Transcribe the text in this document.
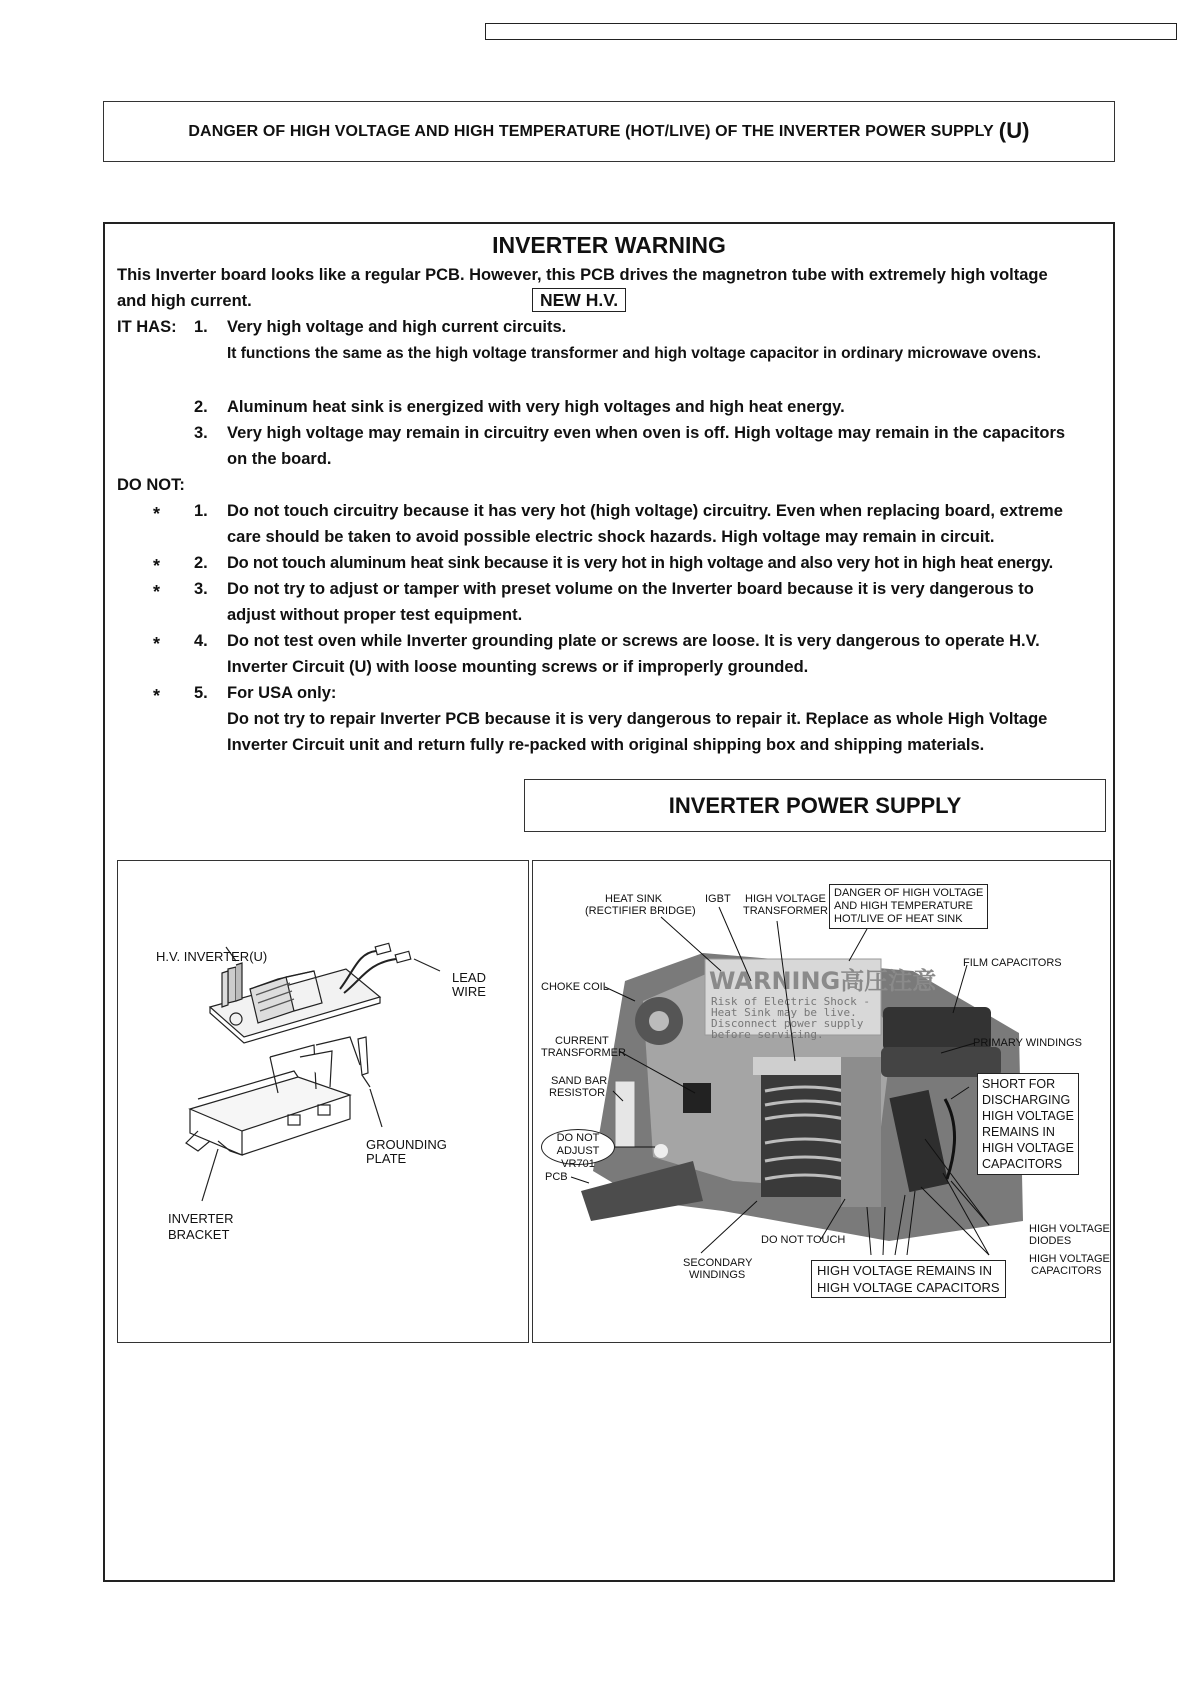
DANGER OF HIGH VOLTAGE AND HIGH TEMPERATURE (HOT/LIVE) OF THE INVERTER POWER SUPPLY (U)
INVERTER WARNING
This Inverter board looks like a regular PCB. However, this PCB drives the magnetron tube with extremely high voltage
and high current.	NEW H.V.
IT HAS: 1. Very high voltage and high current circuits.
It functions the same as the high voltage transformer and high voltage capacitor in ordinary microwave ovens.
2. Aluminum heat sink is energized with very high voltages and high heat energy.
3. Very high voltage may remain in circuitry even when oven is off. High voltage may remain in the capacitors
on the board.
DO NOT:
* 1. Do not touch circuitry because it has very hot (high voltage) circuitry. Even when replacing board, extreme
care should be taken to avoid possible electric shock hazards. High voltage may remain in circuit.
* 2. Do not touch aluminum heat sink because it is very hot in high voltage and also very hot in high heat energy.
* 3. Do not try to adjust or tamper with preset volume on the Inverter board because it is very dangerous to
adjust without proper test equipment.
* 4. Do not test oven while Inverter grounding plate or screws are loose. It is very dangerous to operate H.V.
Inverter Circuit (U) with loose mounting screws or if improperly grounded.
* 5. For USA only:
Do not try to repair Inverter PCB because it is very dangerous to repair it. Replace as whole High Voltage
Inverter Circuit unit and return fully re-packed with original shipping box and shipping materials.
INVERTER POWER SUPPLY
H.V. INVERTER(U)
LEAD
WIRE
GROUNDING
PLATE
INVERTER
BRACKET
WARNING高圧注意
Risk of Electric Shock -
Heat Sink may be live.
Disconnect power supply
before servicing.
HEAT SINK
(RECTIFIER BRIDGE)
IGBT HIGH VOLTAGE
TRANSFORMER
DANGER OF HIGH VOLTAGE
AND HIGH TEMPERATURE
HOT/LIVE OF HEAT SINK
FILM CAPACITORS
CHOKE COIL
CURRENT
TRANSFORMER
PRIMARY WINDINGS
SAND BAR
RESISTOR
SHORT FOR
DISCHARGING
HIGH VOLTAGE
REMAINS IN
HIGH VOLTAGE
CAPACITORS
DO NOT
ADJUST VR701
PCB
HIGH VOLTAGE
DIODES
DO NOT TOUCH
HIGH VOLTAGE
CAPACITORS
SECONDARY
WINDINGS	HIGH VOLTAGE REMAINS IN
HIGH VOLTAGE CAPACITORS
